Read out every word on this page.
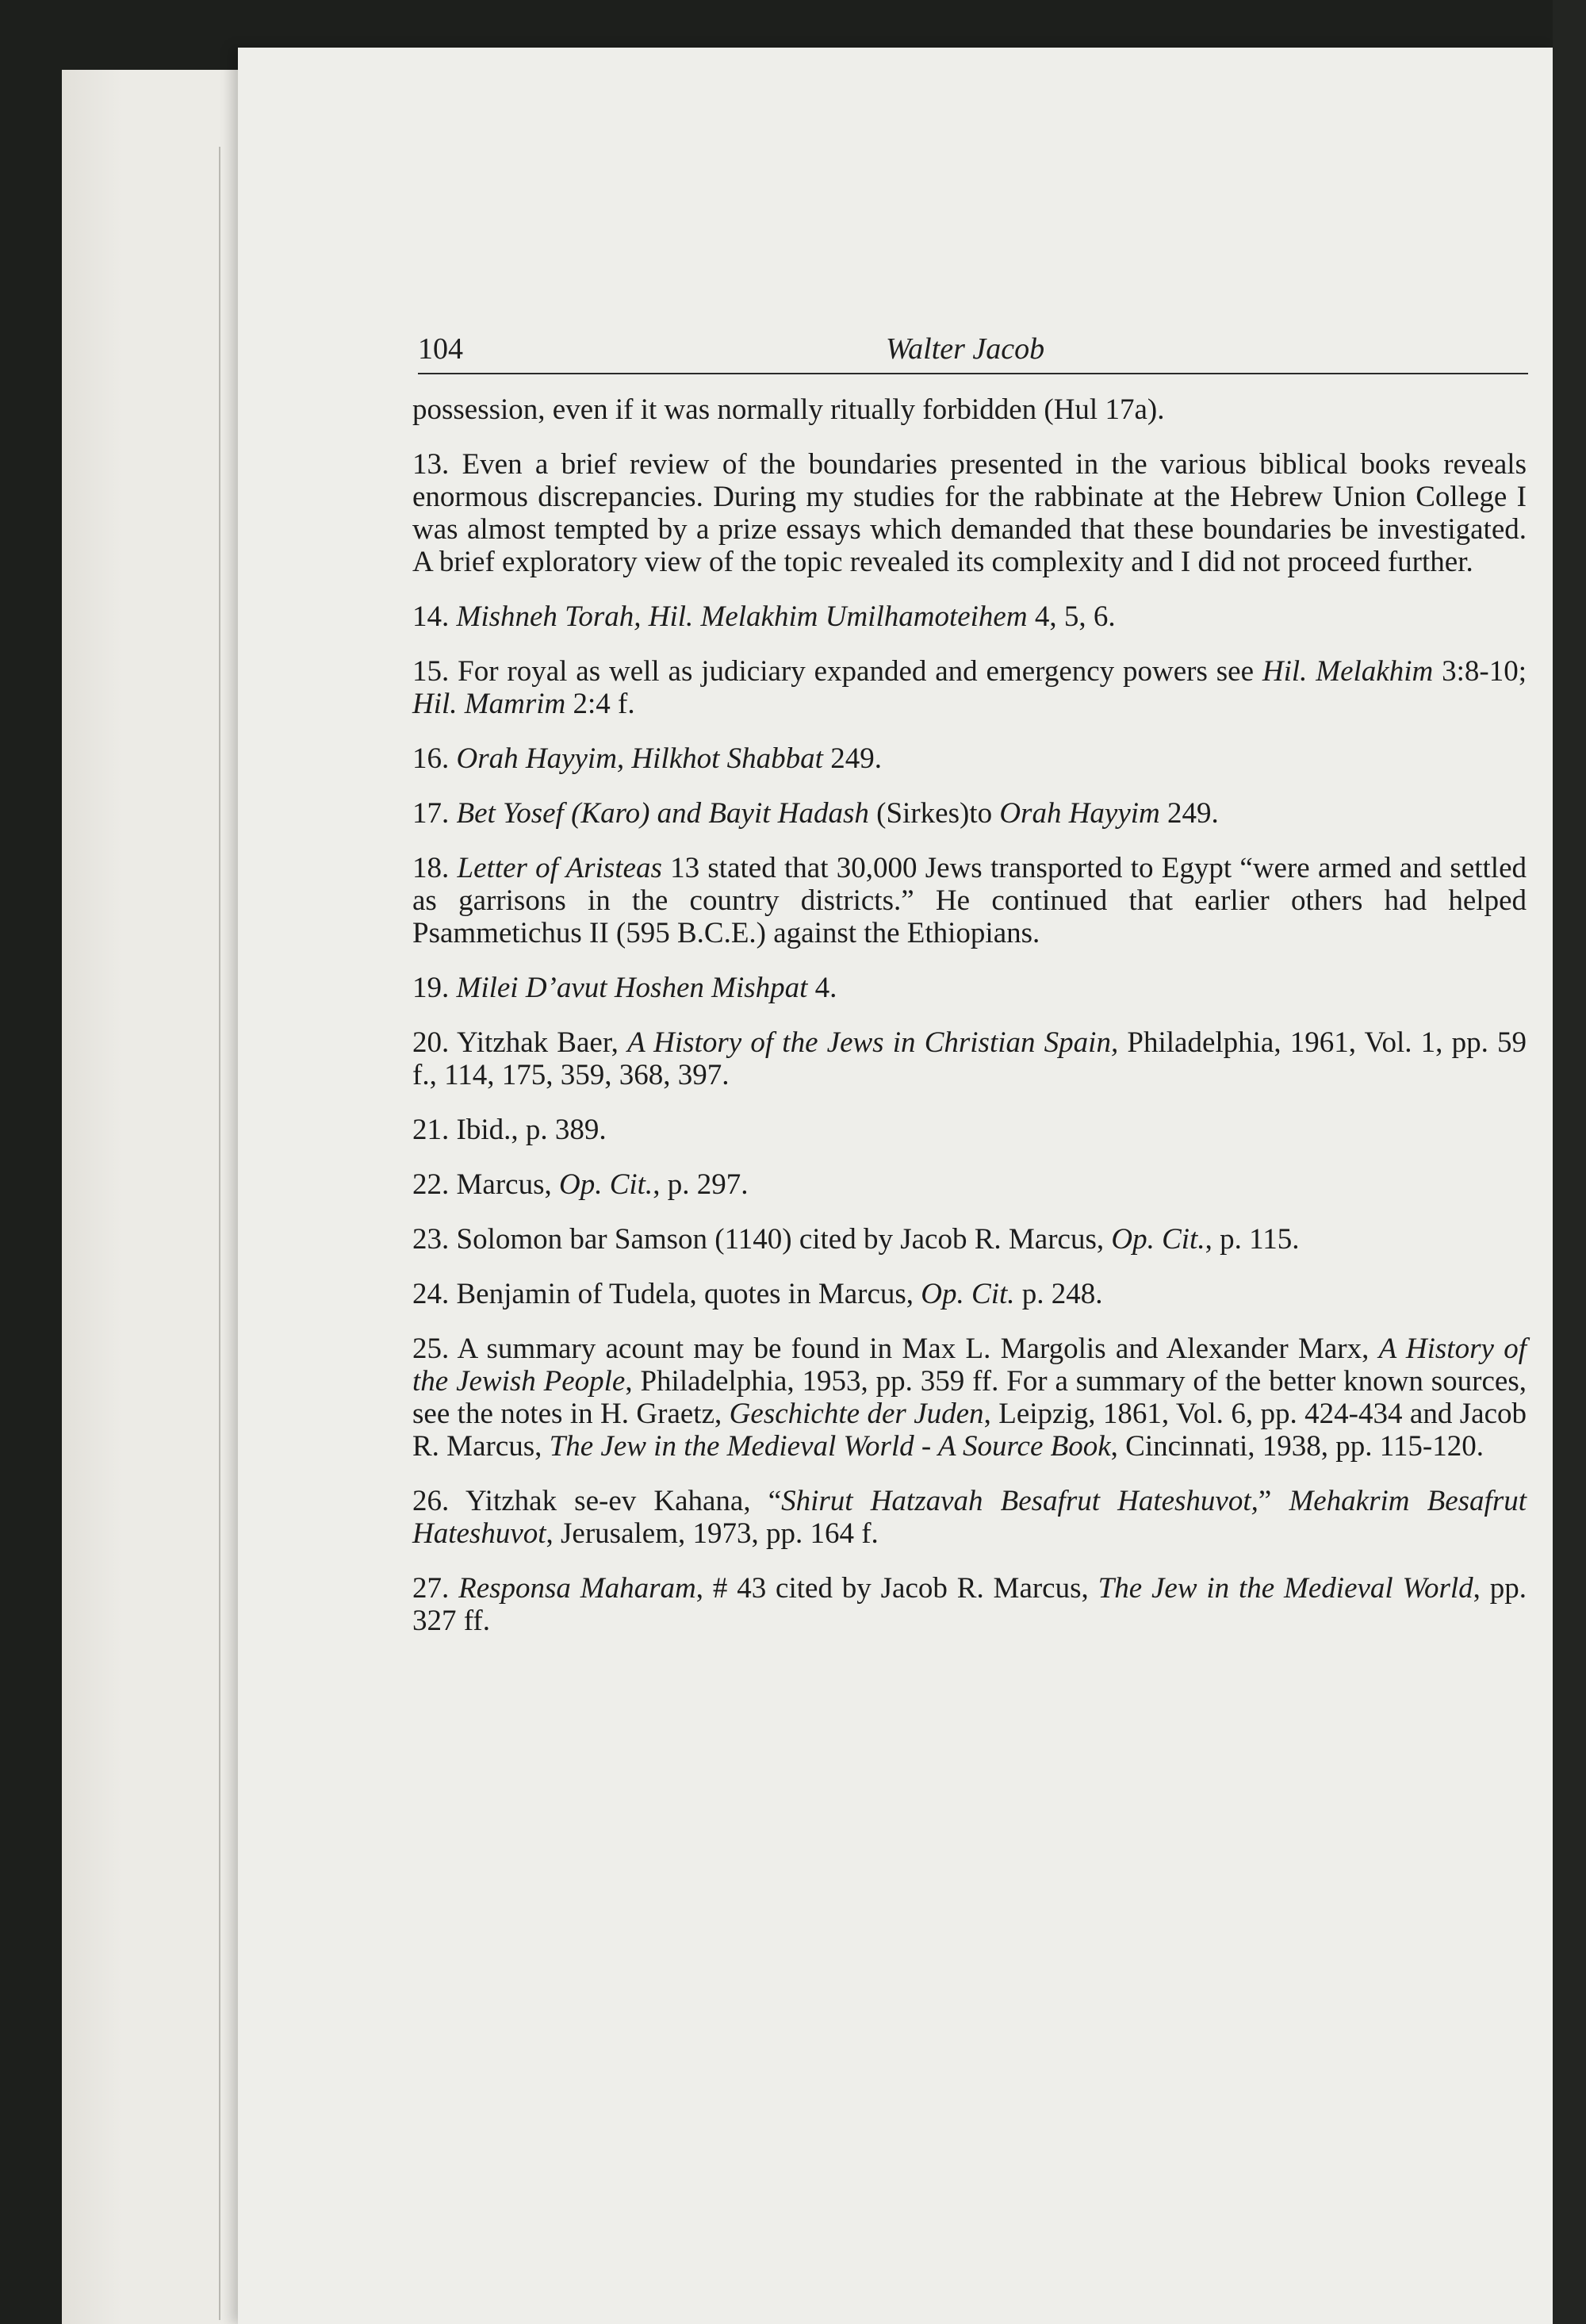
104	Walter Jacob

possession, even if it was normally ritually forbidden (Hul 17a).

13. Even a brief review of the boundaries presented in the various biblical books reveals enormous discrepancies. During my studies for the rabbinate at the Hebrew Union College I was almost tempted by a prize essays which demanded that these boundaries be investigated. A brief exploratory view of the topic revealed its complexity and I did not proceed further.

14. Mishneh Torah, Hil. Melakhim Umilhamoteihem 4, 5, 6.

15. For royal as well as judiciary expanded and emergency powers see Hil. Melakhim 3:8-10; Hil. Mamrim 2:4 f.

16. Orah Hayyim, Hilkhot Shabbat 249.

17. Bet Yosef (Karo) and Bayit Hadash (Sirkes)to Orah Hayyim 249.

18. Letter of Aristeas 13 stated that 30,000 Jews transported to Egypt “were armed and settled as garrisons in the country districts.” He continued that earlier others had helped Psammetichus II (595 B.C.E.) against the Ethiopians.

19. Milei D’avut Hoshen Mishpat 4.

20. Yitzhak Baer, A History of the Jews in Christian Spain, Philadelphia, 1961, Vol. 1, pp. 59 f., 114, 175, 359, 368, 397.

21. Ibid., p. 389.

22. Marcus, Op. Cit., p. 297.

23. Solomon bar Samson (1140) cited by Jacob R. Marcus, Op. Cit., p. 115.

24. Benjamin of Tudela, quotes in Marcus, Op. Cit. p. 248.

25. A summary acount may be found in Max L. Margolis and Alexander Marx, A History of the Jewish People, Philadelphia, 1953, pp. 359 ff. For a summary of the better known sources, see the notes in H. Graetz, Geschichte der Juden, Leipzig, 1861, Vol. 6, pp. 424-434 and Jacob R. Marcus, The Jew in the Medieval World - A Source Book, Cincinnati, 1938, pp. 115-120.

26. Yitzhak se-ev Kahana, “Shirut Hatzavah Besafrut Hateshuvot,” Mehakrim Besafrut Hateshuvot, Jerusalem, 1973, pp. 164 f.

27. Responsa Maharam, # 43 cited by Jacob R. Marcus, The Jew in the Medieval World, pp. 327 ff.
